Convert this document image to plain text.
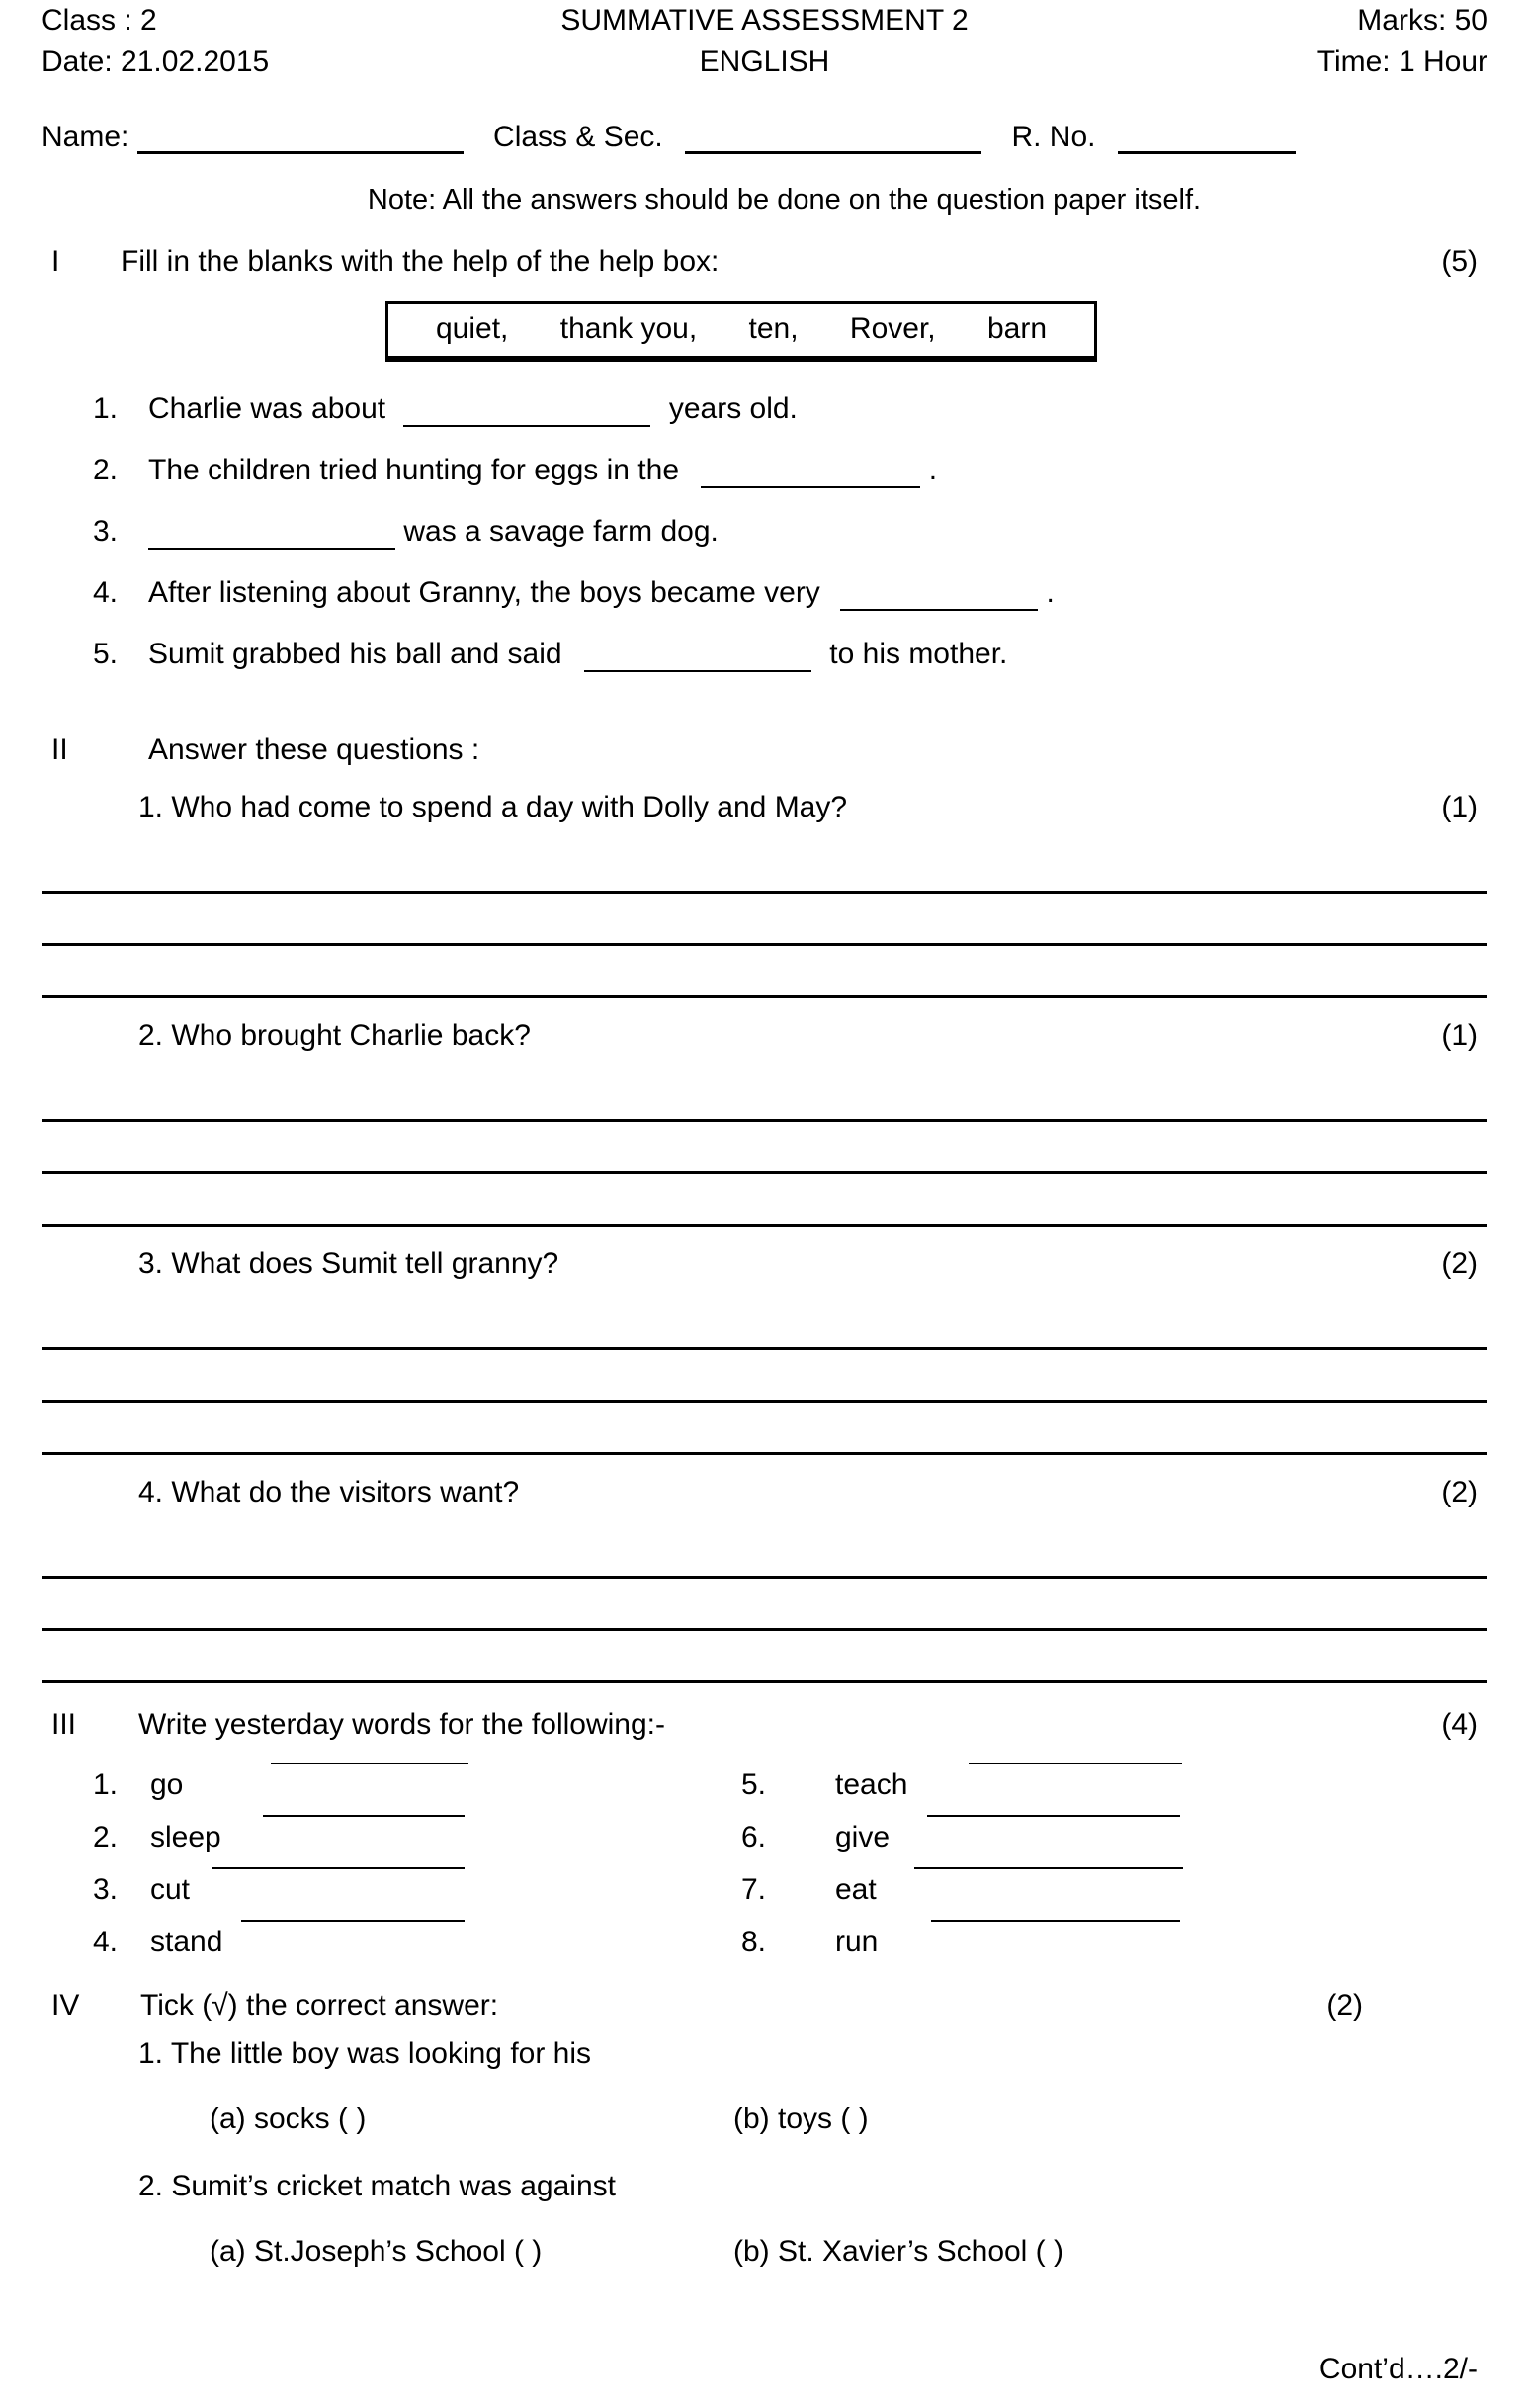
Class : 2	SUMMATIVE ASSESSMENT 2	Marks: 50
Date: 21.02.2015	ENGLISH	Time: 1 Hour
Name:	Class & Sec.	R. No.
Note: All the answers should be done on the question paper itself.
I	Fill in the blanks with the help of the help box:	(5)
quiet, thank you, ten, Rover, barn
1.	Charlie was about	years old.
2.	The children tried hunting for eggs in the	.
3.	was a savage farm dog.
4.	After listening about Granny, the boys became very	.
5.	Sumit grabbed his ball and said	to his mother.
II	Answer these questions :
1. Who had come to spend a day with Dolly and May?	(1)
2. Who brought Charlie back?	(1)
3. What does Sumit tell granny?	(2)
4. What do the visitors want?	(2)
III	Write yesterday words for the following:-	(4)
1.	go	5.	teach
2.	sleep	6.	give
3.	cut	7.	eat
4.	stand	8.	run
IV	Tick (√) the correct answer:	(2)
1. The little boy was looking for his
(a) socks ( )	(b) toys ( )
2. Sumit’s cricket match was against
(a) St.Joseph’s School ( )	(b) St. Xavier’s School ( )
Cont’d….2/-
